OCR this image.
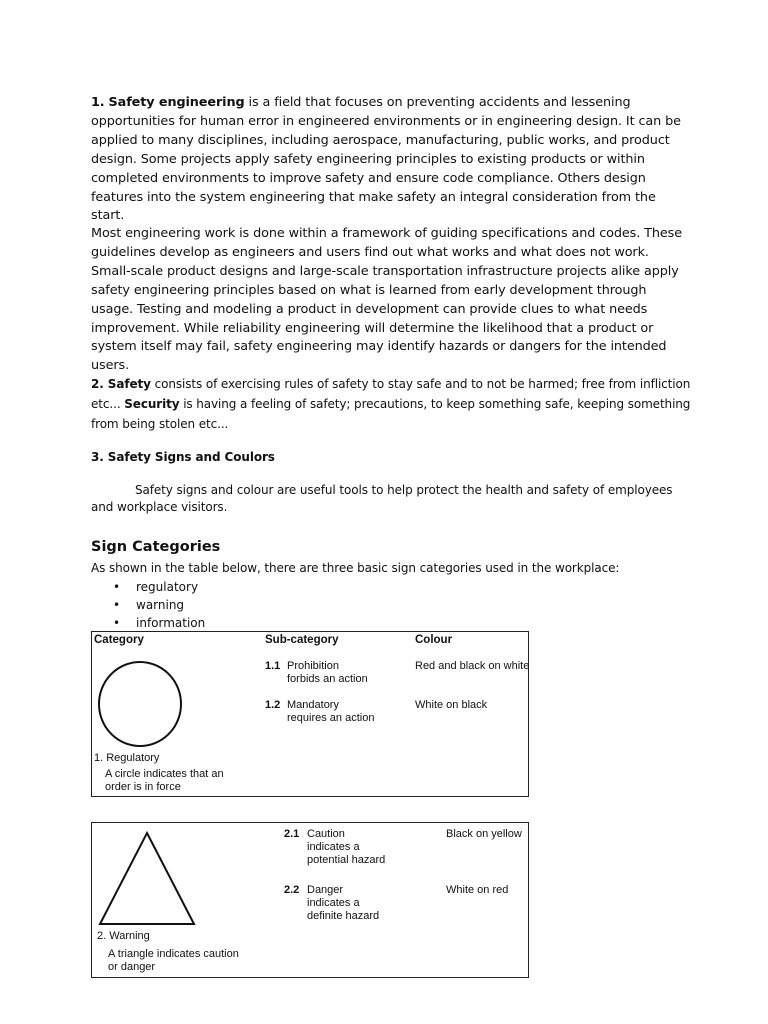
1. Safety engineering is a field that focuses on preventing accidents and lessening opportunities for human error in engineered environments or in engineering design. It can be applied to many disciplines, including aerospace, manufacturing, public works, and product design. Some projects apply safety engineering principles to existing products or within completed environments to improve safety and ensure code compliance. Others design features into the system engineering that make safety an integral consideration from the start.

Most engineering work is done within a framework of guiding specifications and codes. These guidelines develop as engineers and users find out what works and what does not work. Small-scale product designs and large-scale transportation infrastructure projects alike apply safety engineering principles based on what is learned from early development through usage. Testing and modeling a product in development can provide clues to what needs improvement. While reliability engineering will determine the likelihood that a product or system itself may fail, safety engineering may identify hazards or dangers for the intended users.

2. Safety consists of exercising rules of safety to stay safe and to not be harmed; free from infliction etc... Security is having a feeling of safety; precautions, to keep something safe, keeping something from being stolen etc...

3. Safety Signs and Coulors

Safety signs and colour are useful tools to help protect the health and safety of employees and workplace visitors.

Sign Categories

As shown in the table below, there are three basic sign categories used in the workplace:

• regulatory
• warning
• information
Category	Sub-category	Colour
1.1 Prohibition
forbids an action
Red and black on white
1.2 Mandatory
requires an action
White on black
1. Regulatory
A circle indicates that an
order is in force
2.1 Caution
indicates a
potential hazard
Black on yellow
2.2 Danger
indicates a
definite hazard
White on red
2. Warning
A triangle indicates caution
or danger
